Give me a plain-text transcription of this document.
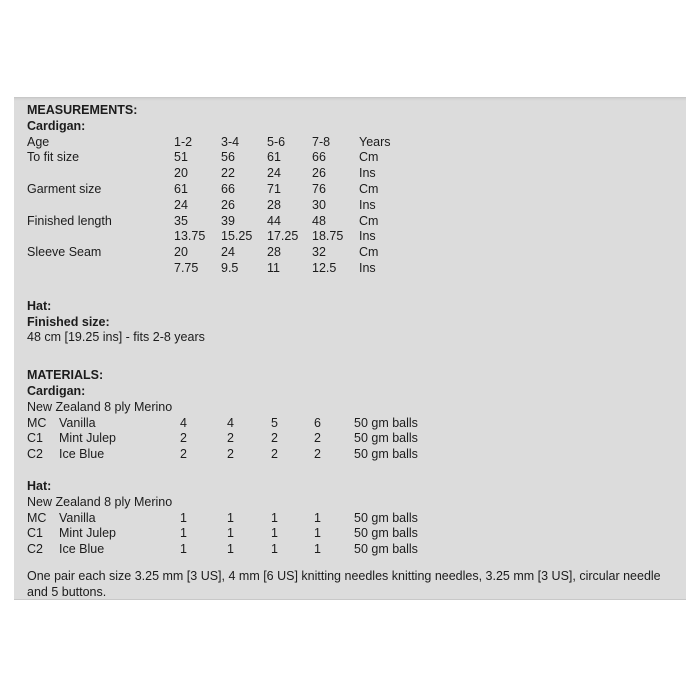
MEASUREMENTS:
Cardigan:
Age	1-2 3-4 5-6 7-8 Years
To fit size	51	56	61 66	Cm
20	22	24 26	Ins
Garment size	61	66	71 76	Cm
24	26	28 30	Ins
Finished length	35	39	44 48	Cm
13.75 15.25 17.25 18.75 Ins
Sleeve Seam	20	24	28 32	Cm
7.75 9.5 11	12.5 Ins
Hat:
Finished size:
48 cm [19.25 ins] - fits 2-8 years
MATERIALS:
Cardigan:
New Zealand 8 ply Merino
MC Vanilla	4	4	5	6	50 gm balls
C1 Mint Julep	2	2	2	2	50 gm balls
C2 Ice Blue	2	2	2	2	50 gm balls
Hat:
New Zealand 8 ply Merino
MC Vanilla	1	1	1	1	50 gm balls
C1 Mint Julep	1	1	1	1	50 gm balls
C2 Ice Blue	1	1	1	1	50 gm balls
One pair each size 3.25 mm [3 US], 4 mm [6 US] knitting needles knitting needles, 3.25 mm [3 US], circular needle and 5 buttons.
